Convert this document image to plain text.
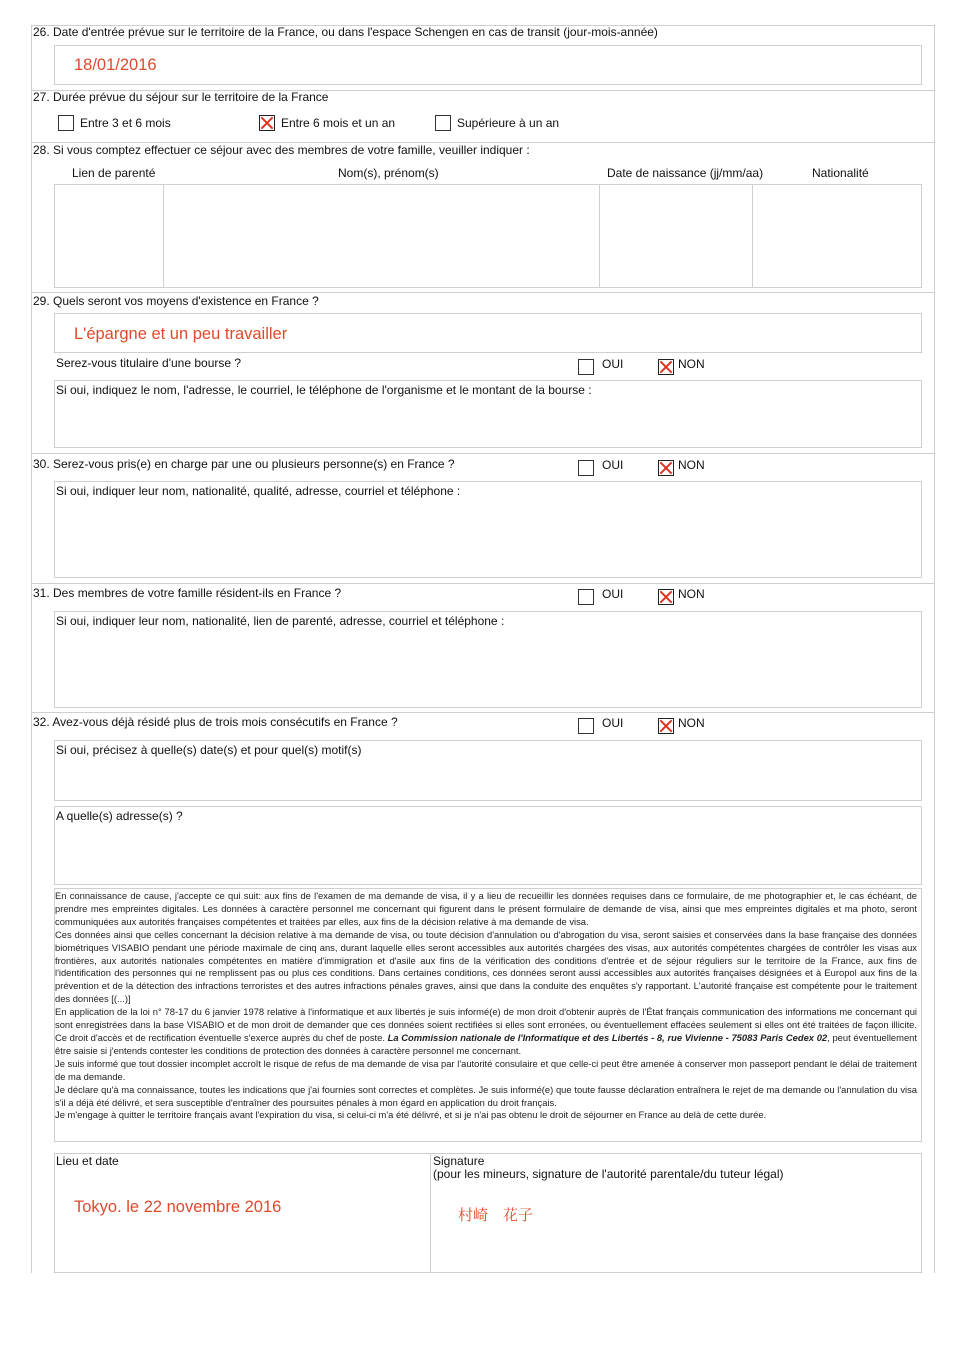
26. Date d'entrée prévue sur le territoire de la France, ou dans l'espace Schengen en cas de transit (jour-mois-année)
18/01/2016
27. Durée prévue du séjour sur le territoire de la France
Entre 3 et 6 mois	Entre 6 mois et un an	Supérieure à un an
28. Si vous comptez effectuer ce séjour avec des membres de votre famille, veuiller indiquer :
Lien de parenté	Nom(s), prénom(s)	Date de naissance (jj/mm/aa)	Nationalité
29. Quels seront vos moyens d'existence en France ?
L'épargne et un peu travailler
Serez-vous titulaire d'une bourse ?	OUI	NON
Si oui, indiquez le nom, l'adresse, le courriel, le téléphone de l'organisme et le montant de la bourse :
30. Serez-vous pris(e) en charge par une ou plusieurs personne(s) en France ?	OUI	NON
Si oui, indiquer leur nom, nationalité, qualité, adresse, courriel et téléphone :
31. Des membres de votre famille résident-ils en France ?	OUI	NON
Si oui, indiquer leur nom, nationalité, lien de parenté, adresse, courriel et téléphone :
32. Avez-vous déjà résidé plus de trois mois consécutifs en France ?	OUI	NON
Si oui, précisez à quelle(s) date(s) et pour quel(s) motif(s)
A quelle(s) adresse(s) ?

En connaissance de cause, j'accepte ce qui suit: aux fins de l'examen de ma demande de visa, il y a lieu de recueillir les données requises dans ce formulaire, de me photographier et, le cas échéant, de prendre mes empreintes digitales. Les données à caractère personnel me concernant qui figurent dans le présent formulaire de demande de visa, ainsi que mes empreintes digitales et ma photo, seront communiquées aux autorités françaises compétentes et traitées par elles, aux fins de la décision relative à ma demande de visa.

Ces données ainsi que celles concernant la décision relative à ma demande de visa, ou toute décision d'annulation ou d'abrogation du visa, seront saisies et conservées dans la base française des données biométriques VISABIO pendant une période maximale de cinq ans, durant laquelle elles seront accessibles aux autorités chargées des visas, aux autorités compétentes chargées de contrôler les visas aux frontières, aux autorités nationales compétentes en matière d'immigration et d'asile aux fins de la vérification des conditions d'entrée et de séjour réguliers sur le territoire de la France, aux fins de l'identification des personnes qui ne remplissent pas ou plus ces conditions. Dans certaines conditions, ces données seront aussi accessibles aux autorités françaises désignées et à Europol aux fins de la prévention et de la détection des infractions terroristes et des autres infractions pénales graves, ainsi que dans la conduite des enquêtes s'y rapportant. L'autorité française est compétente pour le traitement des données [(...)]

En application de la loi n° 78-17 du 6 janvier 1978 relative à l'informatique et aux libertés je suis informé(e) de mon droit d'obtenir auprès de l'État français communication des informations me concernant qui sont enregistrées dans la base VISABIO et de mon droit de demander que ces données soient rectifiées si elles sont erronées, ou éventuellement effacées seulement si elles ont été traitées de façon illicite. Ce droit d'accès et de rectification éventuelle s'exerce auprès du chef de poste. La Commission nationale de l'Informatique et des Libertés - 8, rue Vivienne - 75083 Paris Cedex 02, peut éventuellement être saisie si j'entends contester les conditions de protection des données à caractère personnel me concernant.

Je suis informé que tout dossier incomplet accroît le risque de refus de ma demande de visa par l'autorité consulaire et que celle-ci peut être amenée à conserver mon passeport pendant le délai de traitement de ma demande.

Je déclare qu'à ma connaissance, toutes les indications que j'ai fournies sont correctes et complètes. Je suis informé(e) que toute fausse déclaration entraînera le rejet de ma demande ou l'annulation du visa s'il a déjà été délivré, et sera susceptible d'entraîner des poursuites pénales à mon égard en application du droit français.

Je m'engage à quitter le territoire français avant l'expiration du visa, si celui-ci m'a été délivré, et si je n'ai pas obtenu le droit de séjourner en France au delà de cette durée.

Lieu et date
Tokyo. le 22 novembre 2016
Signature
(pour les mineurs, signature de l'autorité parentale/du tuteur légal)
村崎　花子
